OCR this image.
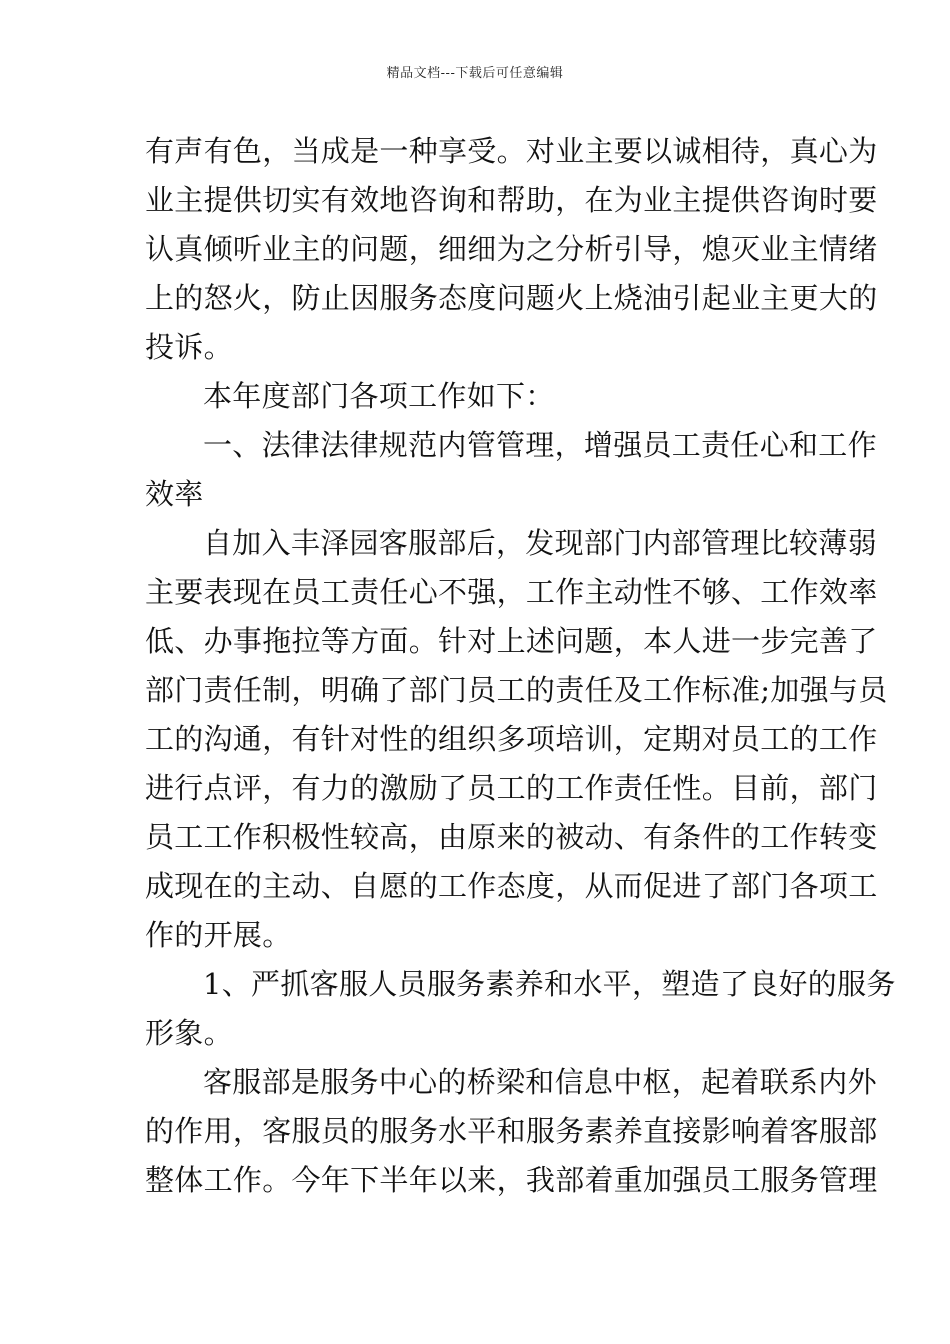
精品文档---下载后可任意编辑
有声有色，当成是一种享受。对业主要以诚相待，真心为
业主提供切实有效地咨询和帮助，在为业主提供咨询时要
认真倾听业主的问题，细细为之分析引导，熄灭业主情绪
上的怒火，防止因服务态度问题火上烧油引起业主更大的
投诉。
本年度部门各项工作如下：
一、法律法律规范内管管理，增强员工责任心和工作
效率
自加入丰泽园客服部后，发现部门内部管理比较薄弱
主要表现在员工责任心不强，工作主动性不够、工作效率
低、办事拖拉等方面。针对上述问题，本人进一步完善了
部门责任制，明确了部门员工的责任及工作标准;加强与员
工的沟通，有针对性的组织多项培训，定期对员工的工作
进行点评，有力的激励了员工的工作责任性。目前，部门
员工工作积极性较高，由原来的被动、有条件的工作转变
成现在的主动、自愿的工作态度，从而促进了部门各项工
作的开展。
1、严抓客服人员服务素养和水平，塑造了良好的服务
形象。
客服部是服务中心的桥梁和信息中枢，起着联系内外
的作用，客服员的服务水平和服务素养直接影响着客服部
整体工作。今年下半年以来，我部着重加强员工服务管理
